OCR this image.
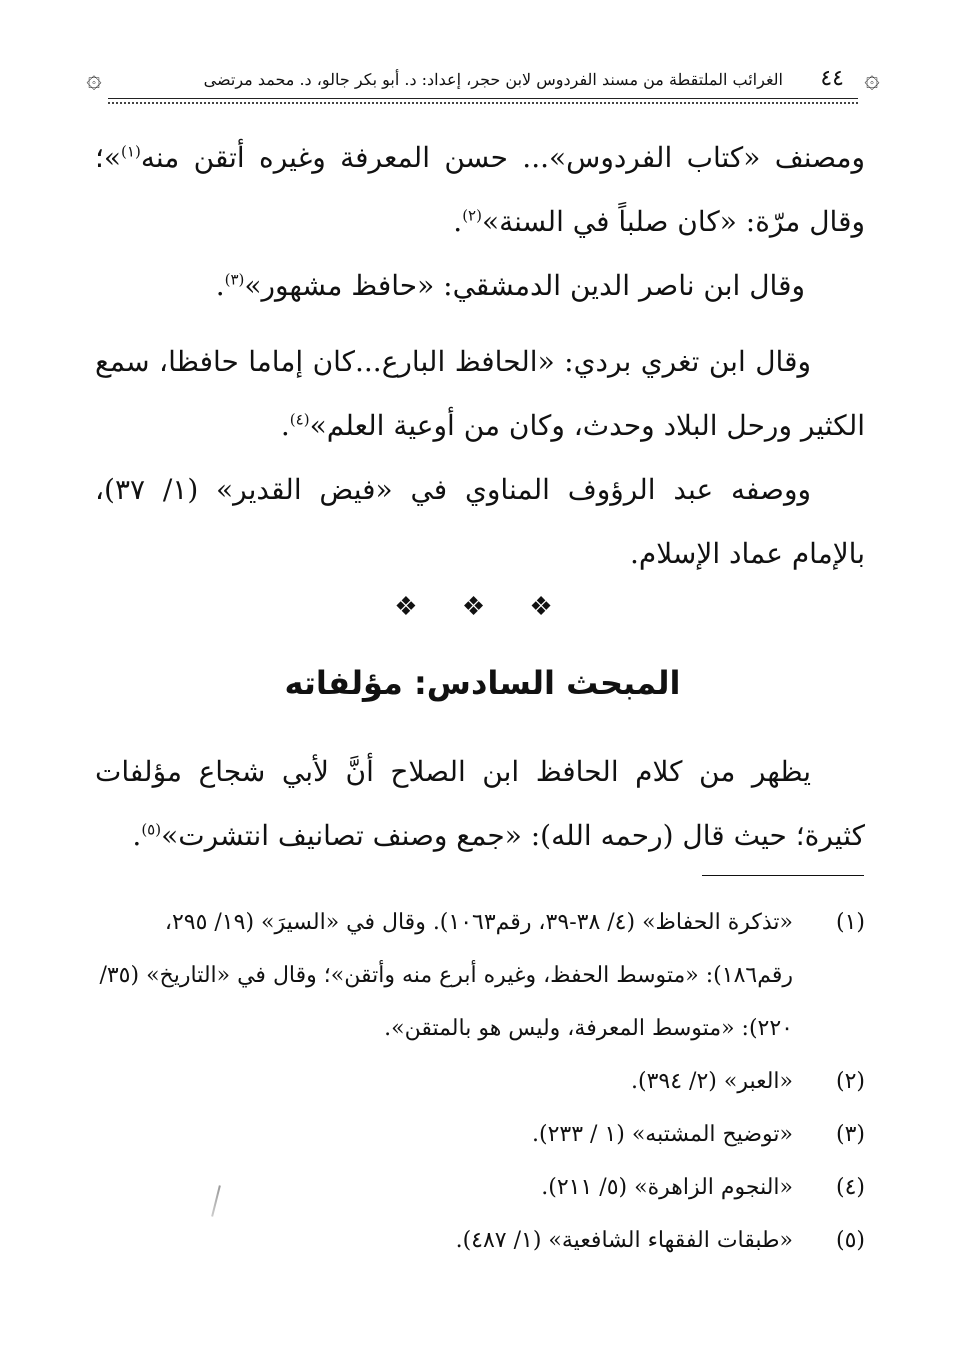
۞
٤٤
الغرائب الملتقطة من مسند الفردوس لابن حجر، إعداد: د. أبو بكر جالو، د. محمد مرتضى
۞

ومصنف «كتاب الفردوس»... حسن المعرفة وغيره أتقن منه$^{(١)}$»؛ وقال مرّة: «كان صلباً في السنة»$^{(٢)}$.

وقال ابن ناصر الدين الدمشقي: «حافظ مشهور»$^{(٣)}$.

وقال ابن تغري بردي: «الحافظ البارع...كان إماما حافظا، سمع الكثير ورحل البلاد وحدث، وكان من أوعية العلم»$^{(٤)}$.

ووصفه عبد الرؤوف المناوي في «فيض القدير» (١/ ٣٧)، بالإمام عماد الإسلام.

❖ ❖ ❖
المبحث السادس: مؤلفاته

يظهر من كلام الحافظ ابن الصلاح أنَّ لأبي شجاع مؤلفات كثيرة؛ حيث قال (رحمه الله): «جمع وصنف تصانيف انتشرت»$^{(٥)}$.

(١)
«تذكرة الحفاظ» (٤/ ٣٨-٣٩، رقم١٠٦٣). وقال في «السيرَ» (١٩/ ٢٩٥، رقم١٨٦): «متوسط الحفظ، وغيره أبرع منه وأتقن»؛ وقال في «التاريخ» (٣٥/ ٢٢٠): «متوسط المعرفة، وليس هو بالمتقن».

(٢)
«العبر» (٢/ ٣٩٤).

(٣)
«توضيح المشتبه» (١ / ٢٣٣).

(٤)
«النجوم الزاهرة» (٥/ ٢١١).

(٥)
«طبقات الفقهاء الشافعية» (١/ ٤٨٧).
